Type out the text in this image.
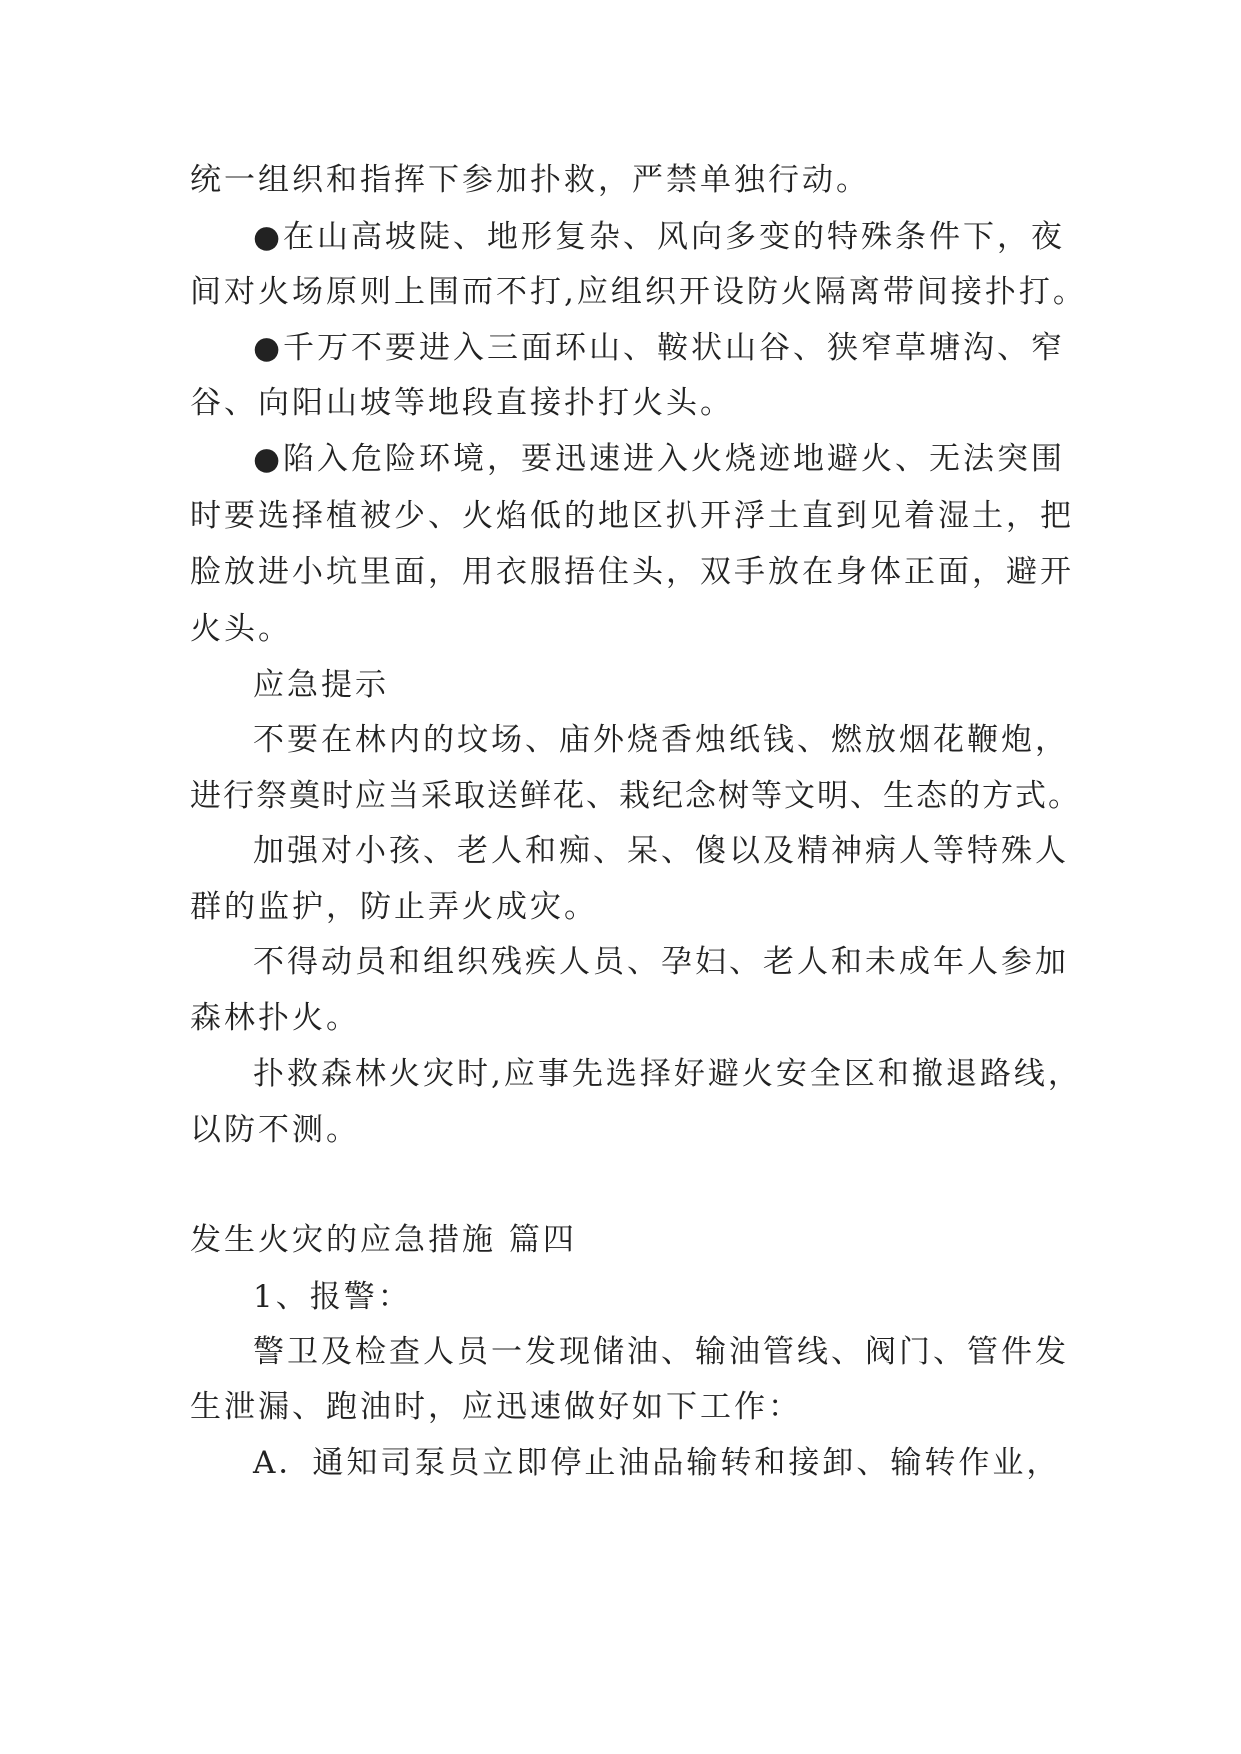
统一组织和指挥下参加扑救，严禁单独行动。
●在山高坡陡、地形复杂、风向多变的特殊条件下，夜
间对火场原则上围而不打,应组织开设防火隔离带间接扑打。
●千万不要进入三面环山、鞍状山谷、狭窄草塘沟、窄
谷、向阳山坡等地段直接扑打火头。
●陷入危险环境，要迅速进入火烧迹地避火、无法突围
时要选择植被少、火焰低的地区扒开浮土直到见着湿土，把
脸放进小坑里面，用衣服捂住头，双手放在身体正面，避开
火头。
应急提示
不要在林内的坟场、庙外烧香烛纸钱、燃放烟花鞭炮，
进行祭奠时应当采取送鲜花、栽纪念树等文明、生态的方式。
加强对小孩、老人和痴、呆、傻以及精神病人等特殊人
群的监护，防止弄火成灾。
不得动员和组织残疾人员、孕妇、老人和未成年人参加
森林扑火。
扑救森林火灾时,应事先选择好避火安全区和撤退路线，
以防不测。
发生火灾的应急措施 篇四
1、报警：
警卫及检查人员一发现储油、输油管线、阀门、管件发
生泄漏、跑油时，应迅速做好如下工作：
A．通知司泵员立即停止油品输转和接卸、输转作业，
